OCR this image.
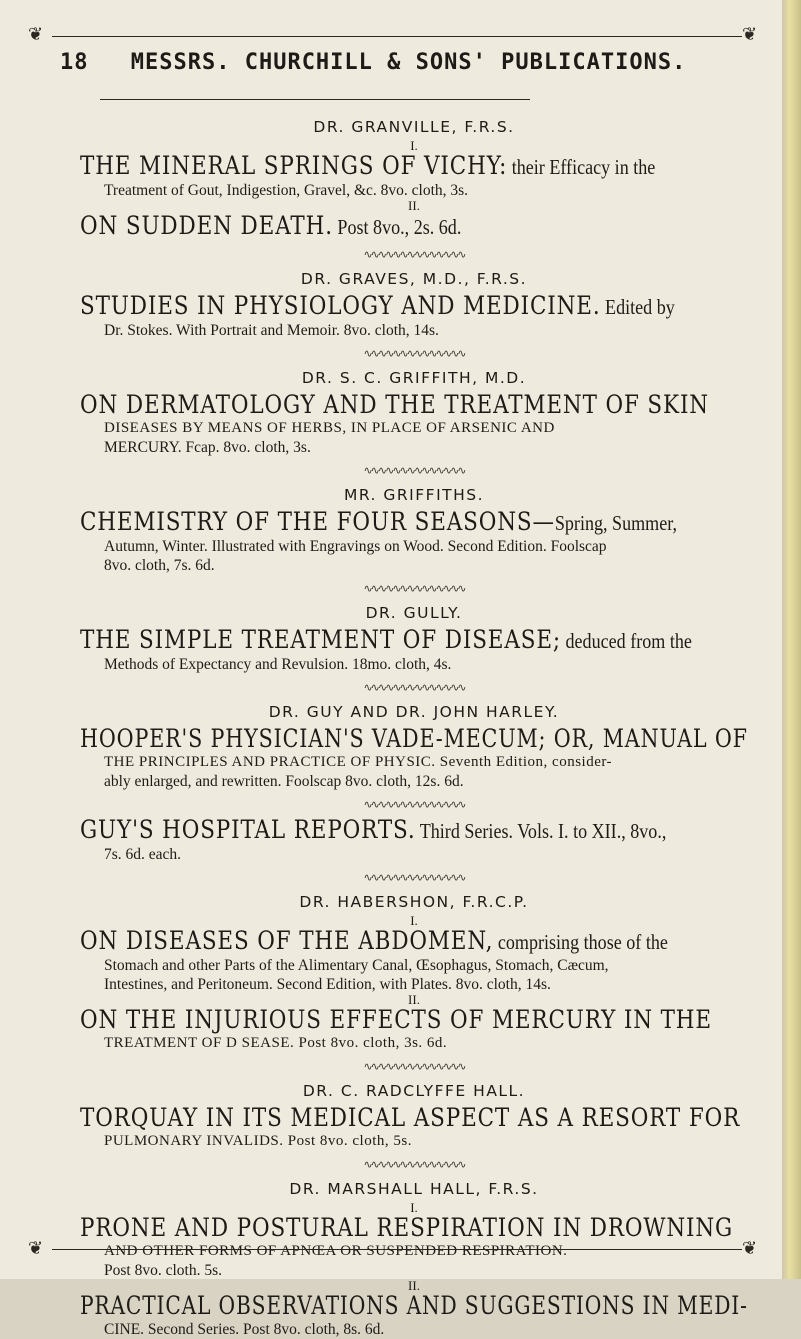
❦	❦
18 MESSRS. CHURCHILL & SONS' PUBLICATIONS.
DR. GRANVILLE, F.R.S.
I.
THE MINERAL SPRINGS OF VICHY: their Efficacy in the
Treatment of Gout, Indigestion, Gravel, &c. 8vo. cloth, 3s.
II.
ON SUDDEN DEATH. Post 8vo., 2s. 6d.
∿∿∿∿∿∿∿∿∿∿∿∿∿∿
DR. GRAVES, M.D., F.R.S.
STUDIES IN PHYSIOLOGY AND MEDICINE. Edited by
Dr. Stokes. With Portrait and Memoir. 8vo. cloth, 14s.
∿∿∿∿∿∿∿∿∿∿∿∿∿∿
DR. S. C. GRIFFITH, M.D.
ON DERMATOLOGY AND THE TREATMENT OF SKIN
DISEASES BY MEANS OF HERBS, IN PLACE OF ARSENIC AND
MERCURY. Fcap. 8vo. cloth, 3s.
∿∿∿∿∿∿∿∿∿∿∿∿∿∿
MR. GRIFFITHS.
CHEMISTRY OF THE FOUR SEASONS—Spring, Summer,
Autumn, Winter. Illustrated with Engravings on Wood. Second Edition. Foolscap
8vo. cloth, 7s. 6d.
∿∿∿∿∿∿∿∿∿∿∿∿∿∿
DR. GULLY.
THE SIMPLE TREATMENT OF DISEASE; deduced from the
Methods of Expectancy and Revulsion. 18mo. cloth, 4s.
∿∿∿∿∿∿∿∿∿∿∿∿∿∿
DR. GUY AND DR. JOHN HARLEY.
HOOPER'S PHYSICIAN'S VADE-MECUM; OR, MANUAL OF
THE PRINCIPLES AND PRACTICE OF PHYSIC. Seventh Edition, consider-
ably enlarged, and rewritten. Foolscap 8vo. cloth, 12s. 6d.
∿∿∿∿∿∿∿∿∿∿∿∿∿∿
GUY'S HOSPITAL REPORTS. Third Series. Vols. I. to XII., 8vo.,
7s. 6d. each.
∿∿∿∿∿∿∿∿∿∿∿∿∿∿
DR. HABERSHON, F.R.C.P.
I.
ON DISEASES OF THE ABDOMEN, comprising those of the
Stomach and other Parts of the Alimentary Canal, Œsophagus, Stomach, Cæcum,
Intestines, and Peritoneum. Second Edition, with Plates. 8vo. cloth, 14s.
II.
ON THE INJURIOUS EFFECTS OF MERCURY IN THE
TREATMENT OF D SEASE. Post 8vo. cloth, 3s. 6d.
∿∿∿∿∿∿∿∿∿∿∿∿∿∿
DR. C. RADCLYFFE HALL.
TORQUAY IN ITS MEDICAL ASPECT AS A RESORT FOR
PULMONARY INVALIDS. Post 8vo. cloth, 5s.
∿∿∿∿∿∿∿∿∿∿∿∿∿∿
DR. MARSHALL HALL, F.R.S.
I.
PRONE AND POSTURAL RESPIRATION IN DROWNING
AND OTHER FORMS OF APNŒA OR SUSPENDED RESPIRATION.
Post 8vo. cloth. 5s.
II.
PRACTICAL OBSERVATIONS AND SUGGESTIONS IN MEDI-
CINE. Second Series. Post 8vo. cloth, 8s. 6d.
❦	❦
